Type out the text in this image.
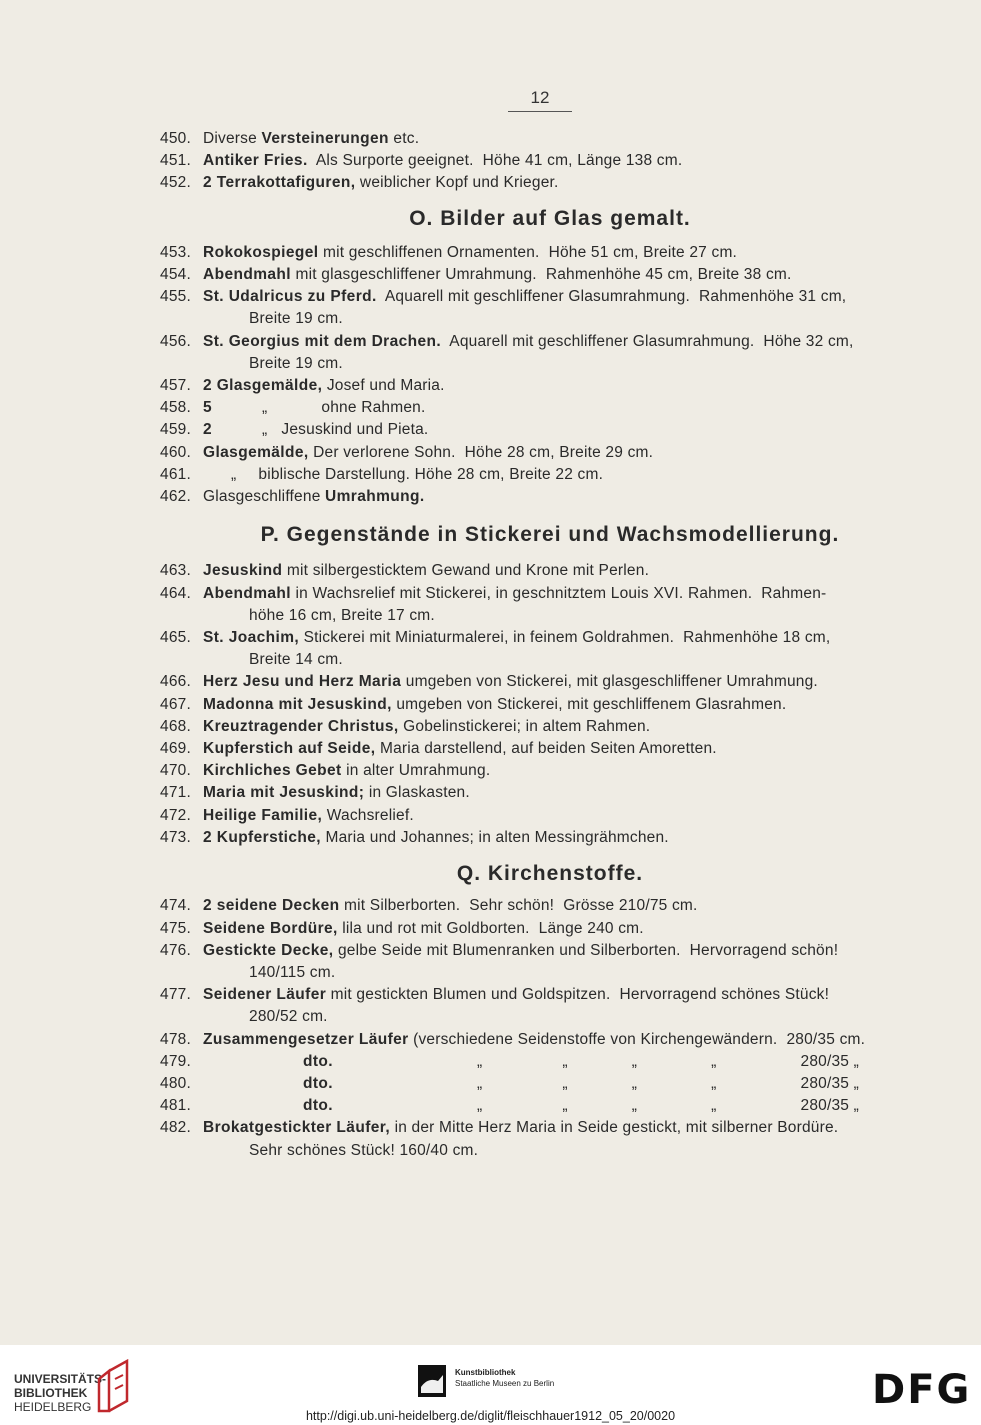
12
450. Diverse Versteinerungen etc.
451. Antiker Fries.  Als Surporte geeignet.  Höhe 41 cm, Länge 138 cm.
452. 2 Terrakottafiguren, weiblicher Kopf und Krieger.
O. Bilder auf Glas gemalt.
453. Rokokospiegel mit geschliffenen Ornamenten.  Höhe 51 cm, Breite 27 cm.
454. Abendmahl mit glasgeschliffener Umrahmung.  Rahmenhöhe 45 cm, Breite 38 cm.
455. St. Udalricus zu Pferd.  Aquarell mit geschliffener Glasumrahmung.  Rahmenhöhe 31 cm,
Breite 19 cm.
456. St. Georgius mit dem Drachen.  Aquarell mit geschliffener Glasumrahmung.  Höhe 32 cm,
Breite 19 cm.
457. 2 Glasgemälde, Josef und Maria.
458. 5	„	ohne Rahmen.
459. 2	„ Jesuskind und Pieta.
460. Glasgemälde, Der verlorene Sohn.  Höhe 28 cm, Breite 29 cm.
461.	„ biblische Darstellung. Höhe 28 cm, Breite 22 cm.
462. Glasgeschliffene Umrahmung.
P. Gegenstände in Stickerei und Wachsmodellierung.
463. Jesuskind mit silbergesticktem Gewand und Krone mit Perlen.
464. Abendmahl in Wachsrelief mit Stickerei, in geschnitztem Louis XVI. Rahmen.  Rahmen-
höhe 16 cm, Breite 17 cm.
465. St. Joachim, Stickerei mit Miniaturmalerei, in feinem Goldrahmen.  Rahmenhöhe 18 cm,
Breite 14 cm.
466. Herz Jesu und Herz Maria umgeben von Stickerei, mit glasgeschliffener Umrahmung.
467. Madonna mit Jesuskind, umgeben von Stickerei, mit geschliffenem Glasrahmen.
468. Kreuztragender Christus, Gobelinstickerei; in altem Rahmen.
469. Kupferstich auf Seide, Maria darstellend, auf beiden Seiten Amoretten.
470. Kirchliches Gebet in alter Umrahmung.
471. Maria mit Jesuskind; in Glaskasten.
472. Heilige Familie, Wachsrelief.
473. 2 Kupferstiche, Maria und Johannes; in alten Messingrähmchen.
Q. Kirchenstoffe.
474. 2 seidene Decken mit Silberborten.  Sehr schön!  Grösse 210/75 cm.
475. Seidene Bordüre, lila und rot mit Goldborten.  Länge 240 cm.
476. Gestickte Decke, gelbe Seide mit Blumenranken und Silberborten.  Hervorragend schön!
140/115 cm.
477. Seidener Läufer mit gestickten Blumen und Goldspitzen.  Hervorragend schönes Stück!
280/52 cm.
478. Zusammengesetzer Läufer (verschiedene Seidenstoffe von Kirchengewändern.  280/35 cm.
479.	dto.	„	„	„	„	280/35 „
480.	dto.	„	„	„	„	280/35 „
481.	dto.	„	„	„	„	280/35 „
482. Brokatgestickter Läufer, in der Mitte Herz Maria in Seide gestickt, mit silberner Bordüre.
Sehr schönes Stück! 160/40 cm.
UNIVERSITÄTS-
BIBLIOTHEK
HEIDELBERG
Kunstbibliothek
Staatliche Museen zu Berlin	DFG
http://digi.ub.uni-heidelberg.de/diglit/fleischhauer1912_05_20/0020
